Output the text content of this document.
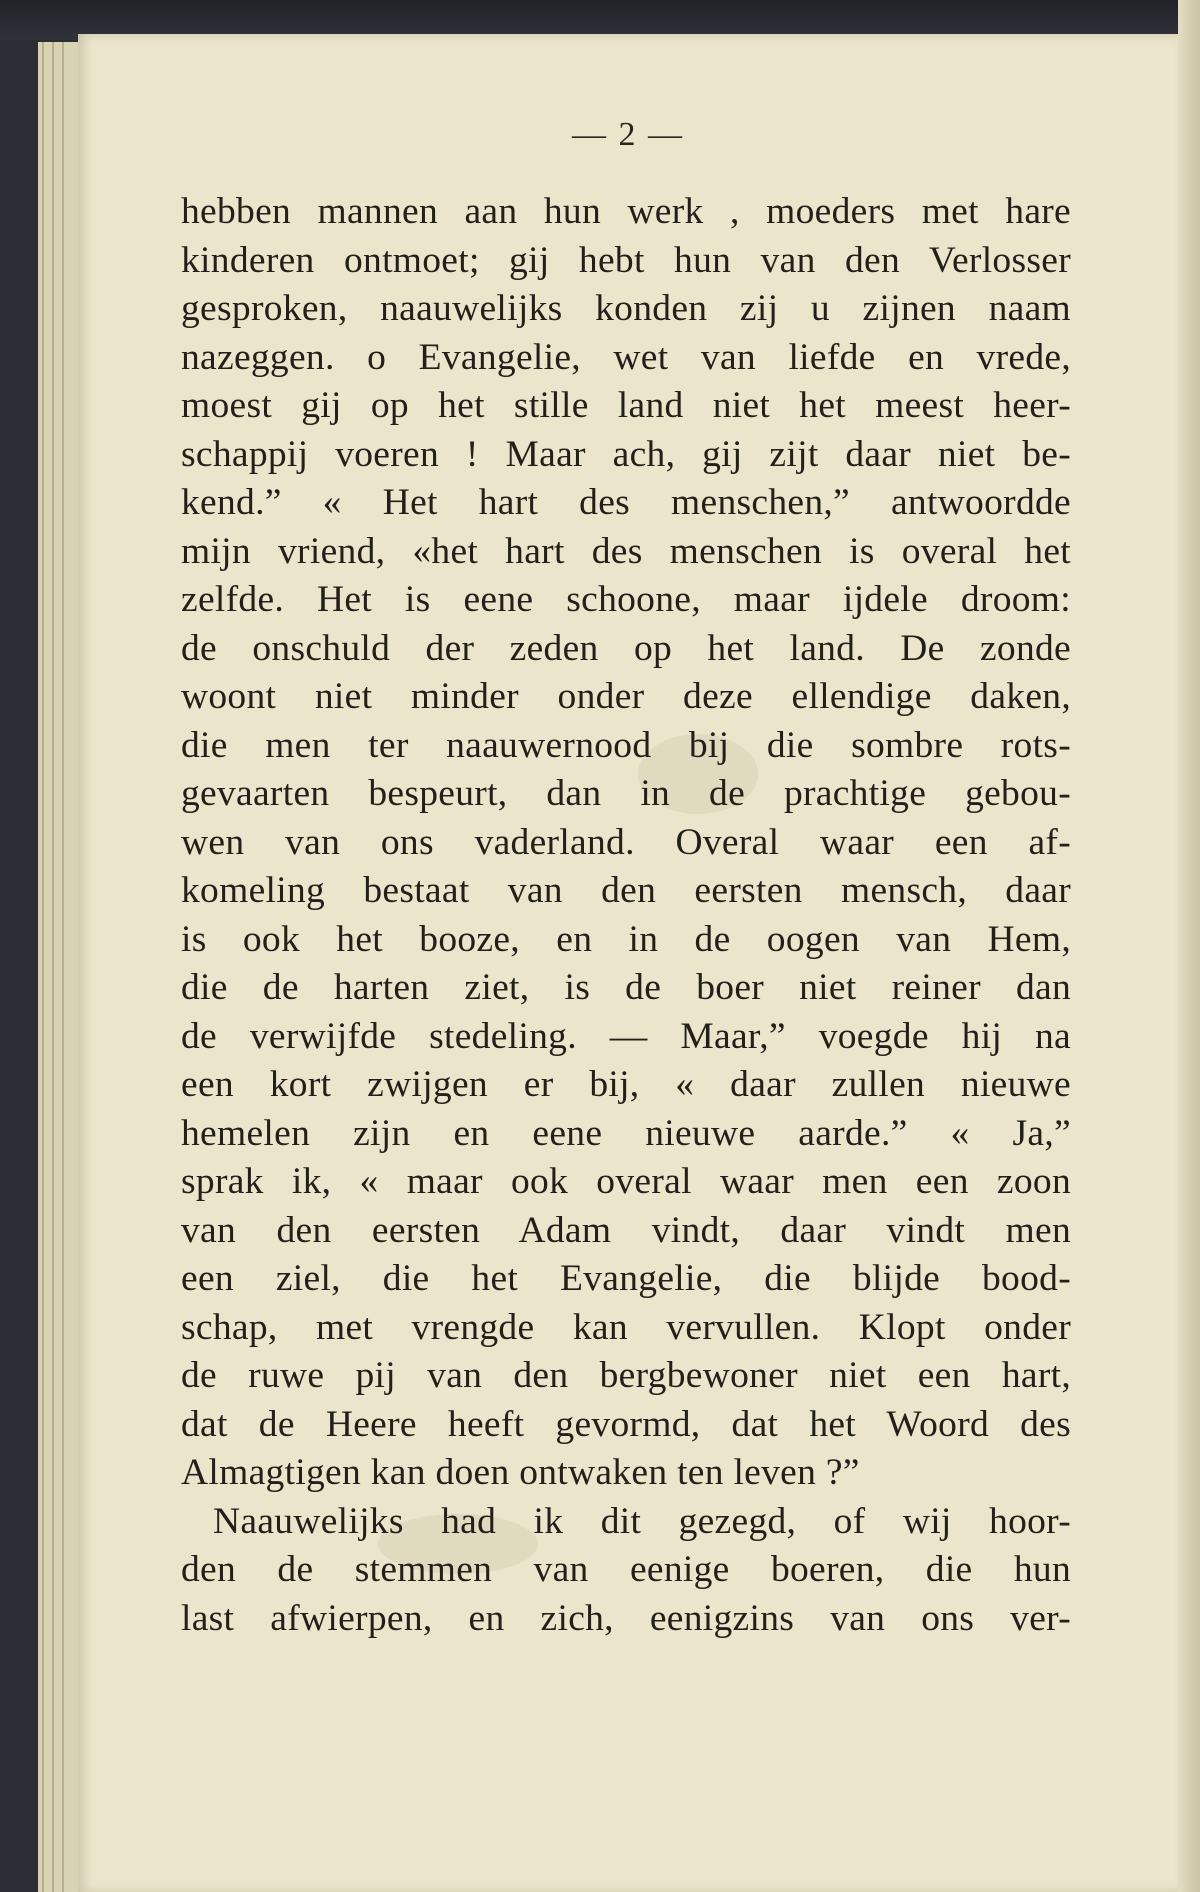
— 2 —
hebben mannen aan hun werk , moeders met hare
kinderen ontmoet; gij hebt hun van den Verlosser
gesproken, naauwelijks konden zij u zijnen naam
nazeggen. o Evangelie, wet van liefde en vrede,
moest gij op het stille land niet het meest heer-
schappij voeren ! Maar ach, gij zijt daar niet be-
kend.” « Het hart des menschen,” antwoordde
mijn vriend, «het hart des menschen is overal het
zelfde. Het is eene schoone, maar ijdele droom:
de onschuld der zeden op het land. De zonde
woont niet minder onder deze ellendige daken,
die men ter naauwernood bij die sombre rots-
gevaarten bespeurt, dan in de prachtige gebou-
wen van ons vaderland. Overal waar een af-
komeling bestaat van den eersten mensch, daar
is ook het booze, en in de oogen van Hem,
die de harten ziet, is de boer niet reiner dan
de verwijfde stedeling. — Maar,” voegde hij na
een kort zwijgen er bij, « daar zullen nieuwe
hemelen zijn en eene nieuwe aarde.” « Ja,”
sprak ik, « maar ook overal waar men een zoon
van den eersten Adam vindt, daar vindt men
een ziel, die het Evangelie, die blijde bood-
schap, met vrengde kan vervullen. Klopt onder
de ruwe pij van den bergbewoner niet een hart,
dat de Heere heeft gevormd, dat het Woord des
Almagtigen kan doen ontwaken ten leven ?”
Naauwelijks had ik dit gezegd, of wij hoor-
den de stemmen van eenige boeren, die hun
last afwierpen, en zich, eenigzins van ons ver-
